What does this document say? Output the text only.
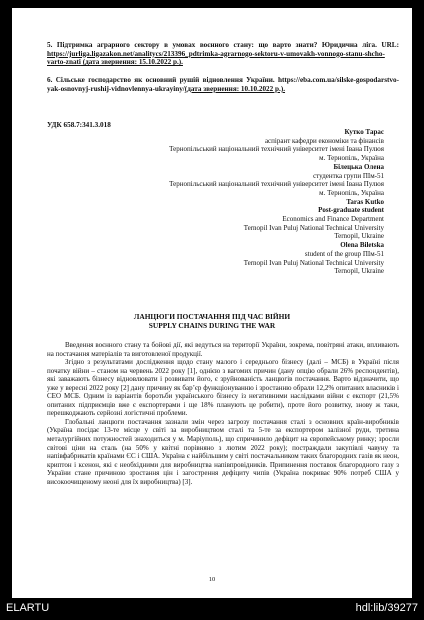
5. Підтримка аграрного сектору в умовах воєнного стану: що варто знати? Юридична ліга. URL: https://jurliga.ligazakon.net/analitycs/213396_pdtrimka-agrarnogo-sektoru-v-umovakh-vonnogo-stanu-shcho-varto-znati (дата звернення: 15.10.2022 р.).
6. Сільське господарство як основний рушій відновлення України. https://eba.com.ua/silske-gospodarstvo-yak-osnovnyj-rushij-vidnovlennya-ukrayiny/(дата звернення: 10.10.2022 р.).
УДК 658.7:341.3.018
Кутко Тарас
аспірант кафедри економіки та фінансів
Тернопільський національний технічний університет імені Івана Пулюя
м. Тернопіль, Україна
Білецька Олена
студентка групи ПІм-51
Тернопільський національний технічний університет імені Івана Пулюя
м. Тернопіль, Україна
Taras Kutko
Post-graduate student
Economics and Finance Department
Ternopil Ivan Puluj National Technical University
Ternopil, Ukraine
Olena Biletska
student of the group ПІм-51
Ternopil Ivan Puluj National Technical University
Ternopil, Ukraine
ЛАНЦЮГИ ПОСТАЧАННЯ ПІД ЧАС ВІЙНИ
SUPPLY CHAINS DURING THE WAR

Введення воєнного стану та бойові дії, які ведуться на території України, зокрема, повітряні атаки, впливають на постачання матеріалів та виготовленої продукції.

Згідно з результатами дослідження щодо стану малого і середнього бізнесу (далі – МСБ) в Україні після початку війни – станом на червень 2022 року [1], однією з вагомих причин (дану опцію обрали 26% респондентів), які заважають бізнесу відновлювати і розвивати його, є зруйнованість ланцюгів постачання. Варто відзначити, що уже у вересні 2022 року [2] дану причину як бар’єр функціонуванню і зростанню обрали 12,2% опитаних власників і СЕО МСБ. Одним із варіантів боротьби українського бізнесу із негативними наслідками війни є експорт (21,5% опитаних підприємців вже є експортерами і ще 18% планують це робити), проте його розвитку, знову ж таки, перешкоджають серйозні логістичні проблеми.

Глобальні ланцюги постачання зазнали змін через загрозу постачання сталі з основних країн-виробників (Україна посідає 13-те місце у світі за виробництвом сталі та 5-те за експортером залізної руди, третина металургійних потужностей знаходиться у м. Маріуполь), що спричинило дефіцит на європейському ринку; зросли світові ціни на сталь (на 50% у квітні порівняно з лютим 2022 року); постраждали закупівлі чавуну та напівфабрикатів країнами ЄС і США. Україна є найбільшим у світі постачальником таких благородних газів як неон, криптон і ксенон, які є необхідними для виробництва напівпровідників. Припинення поставок благородного газу з України стане причиною зростання цін і загострення дефіциту чипів (Україна покриває 90% потреб США у високоочищеному неоні для їх виробництва) [3].

10
ELARTU	hdl:lib/39277
